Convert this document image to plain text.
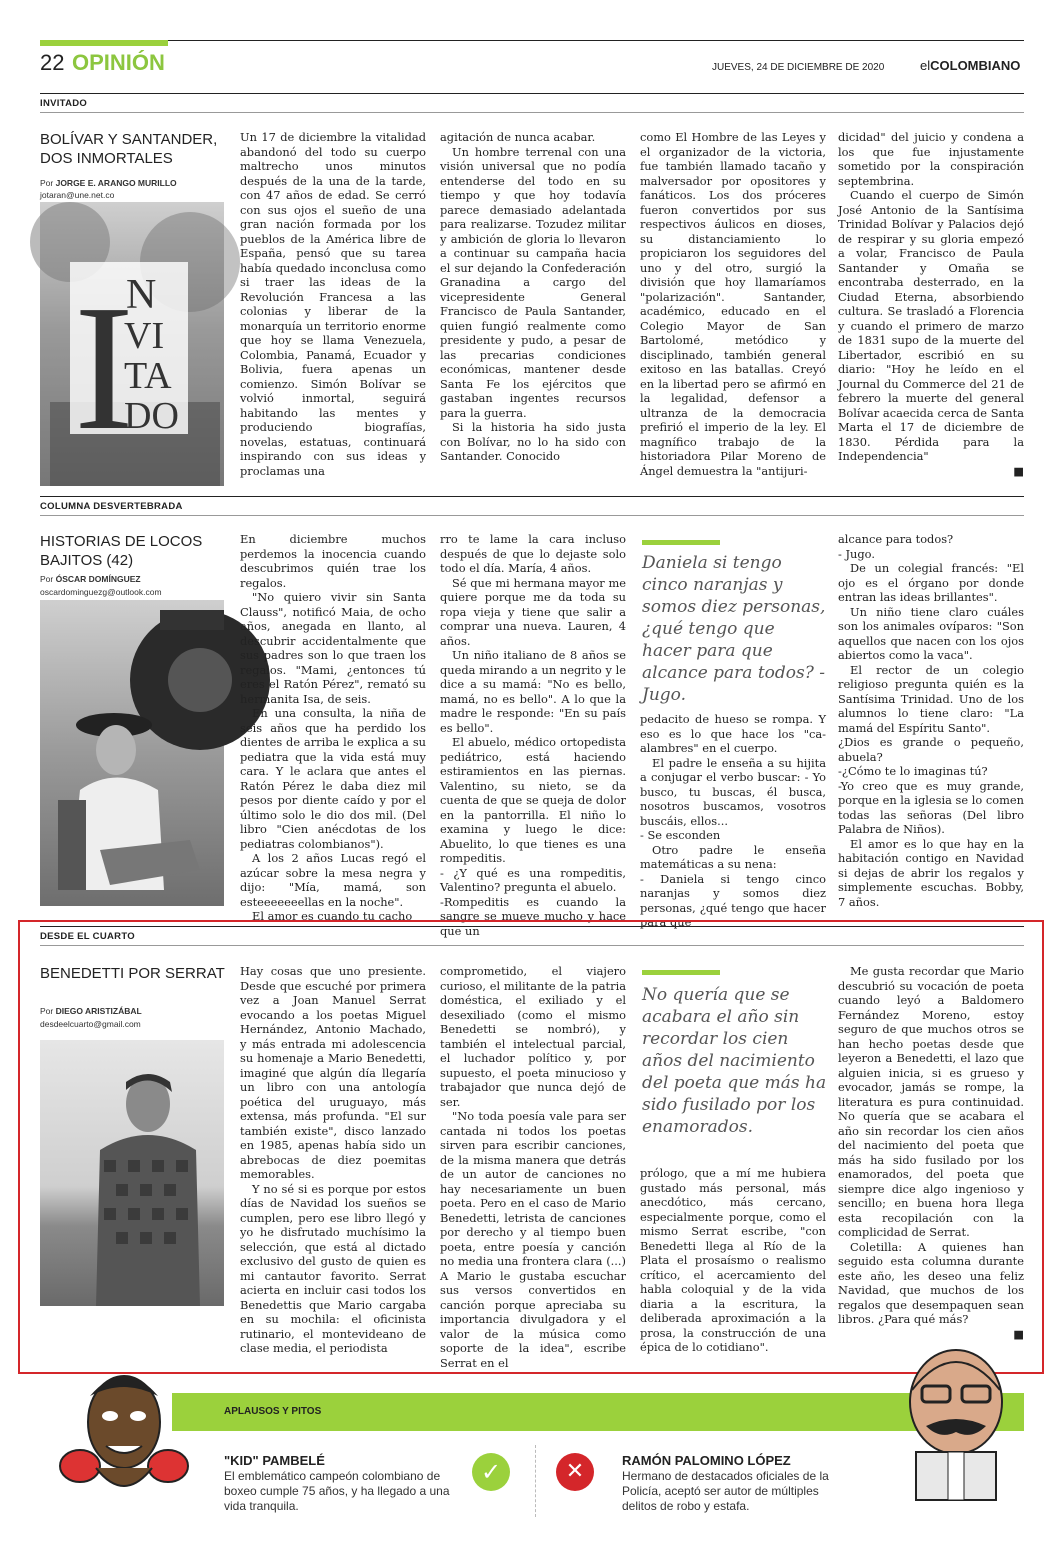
22 OPINIÓN	JUEVES, 24 DE DICIEMBRE DE 2020	elCOLOMBIANO
INVITADO
BOLÍVAR Y SANTANDER, DOS INMORTALES
Por JORGE E. ARANGO MURILLO
jotaran@une.net.co
I
N
VI
TA
DO

Un 17 de diciembre la vitalidad abandonó del todo su cuerpo maltrecho unos minutos después de la una de la tarde, con 47 años de edad. Se cerró con sus ojos el sueño de una gran nación formada por los pueblos de la América libre de España, pensó que su tarea había quedado inconclusa como si traer las ideas de la Revolución Francesa a las colonias y liberar de la monarquía un territorio enorme que hoy se llama Venezuela, Colombia, Panamá, Ecuador y Bolivia, fuera apenas un comienzo. Simón Bolívar se volvió inmortal, seguirá habitando las mentes y produciendo biografías, novelas, estatuas, continuará inspirando con sus ideas y proclamas una

agitación de nunca acabar.

Un hombre terrenal con una visión universal que no podía entenderse del todo en su tiempo y que hoy todavía parece demasiado adelantada para realizarse. Tozudez militar y ambición de gloria lo llevaron a continuar su campaña hacia el sur dejando la Confederación Granadina a cargo del vicepresidente General Francisco de Paula Santander, quien fungió realmente como presidente y pudo, a pesar de las precarias condiciones económicas, mantener desde Santa Fe los ejércitos que gastaban ingentes recursos para la guerra.

Si la historia ha sido justa con Bolívar, no lo ha sido con Santander. Conocido

como El Hombre de las Leyes y el organizador de la victoria, fue también llamado tacaño y malversador por opositores y fanáticos. Los dos próceres fueron convertidos por sus respectivos áulicos en dioses, su distanciamiento lo propiciaron los seguidores del uno y del otro, surgió la división que hoy llamaríamos "polarización". Santander, académico, educado en el Colegio Mayor de San Bartolomé, metódico y disciplinado, también general exitoso en las batallas. Creyó en la libertad pero se afirmó en la legalidad, defensor a ultranza de la democracia prefirió el imperio de la ley. El magnífico trabajo de la historiadora Pilar Moreno de Ángel demuestra la "antijuri-

dicidad" del juicio y condena a los que fue injustamente sometido por la conspiración septembrina.

Cuando el cuerpo de Simón José Antonio de la Santísima Trinidad Bolívar y Palacios dejó de respirar y su gloria empezó a volar, Francisco de Paula Santander y Omaña se encontraba desterrado, en la Ciudad Eterna, absorbiendo cultura. Se trasladó a Florencia y cuando el primero de marzo de 1831 supo de la muerte del Libertador, escribió en su diario: "Hoy he leído en el Journal du Commerce del 21 de febrero la muerte del general Bolívar acaecida cerca de Santa Marta el 17 de diciembre de 1830. Pérdida para la Independencia"

■

COLUMNA DESVERTEBRADA
HISTORIAS DE LOCOS BAJITOS (42)
Por ÓSCAR DOMÍNGUEZ
oscardominguezg@outlook.com

En diciembre muchos perdemos la inocencia cuando descubrimos quién trae los regalos.

"No quiero vivir sin Santa Clauss", notificó Maia, de ocho años, anegada en llanto, al descubrir accidentalmente que sus padres son lo que traen los regalos. "Mami, ¿entonces tú eres el Ratón Pérez", remató su hermanita Isa, de seis.

En una consulta, la niña de seis años que ha perdido los dientes de arriba le explica a su pediatra que la vida está muy cara. Y le aclara que antes el Ratón Pérez le daba diez mil pesos por diente caído y por el último solo le dio dos mil. (Del libro "Cien anécdotas de los pediatras colombianos").

A los 2 años Lucas regó el azúcar sobre la mesa negra y dijo: "Mía, mamá, son esteeeeeeellas en la noche".

El amor es cuando tu cacho

rro te lame la cara incluso después de que lo dejaste solo todo el día. María, 4 años.

Sé que mi hermana mayor me quiere porque me da toda su ropa vieja y tiene que salir a comprar una nueva. Lauren, 4 años.

Un niño italiano de 8 años se queda mirando a un negrito y le dice a su mamá: "No es bello, mamá, no es bello". A lo que la madre le responde: "En su país es bello".

El abuelo, médico ortopedista pediátrico, está haciendo estiramientos en las piernas. Valentino, su nieto, se da cuenta de que se queja de dolor en la pantorrilla. El niño lo examina y luego le dice: Abuelito, lo que tienes es una rompeditis.

- ¿Y qué es una rompeditis, Valentino? pregunta el abuelo.

-Rompeditis es cuando la sangre se mueve mucho y hace que un

Daniela si tengo cinco naranjas y somos diez personas, ¿qué tengo que hacer para que alcance para todos? - Jugo.

pedacito de hueso se rompa. Y eso es lo que hace los "ca-alambres" en el cuerpo.

El padre le enseña a su hijita a conjugar el verbo buscar: - Yo busco, tu buscas, él busca, nosotros buscamos, vosotros buscáis, ellos...

- Se esconden

Otro padre le enseña matemáticas a su nena:

- Daniela si tengo cinco naranjas y somos diez personas, ¿qué tengo que hacer para que

alcance para todos?

- Jugo.

De un colegial francés: "El ojo es el órgano por donde entran las ideas brillantes".

Un niño tiene claro cuáles son los animales ovíparos: "Son aquellos que nacen con los ojos abiertos como la vaca".

El rector de un colegio religioso pregunta quién es la Santísima Trinidad. Uno de los alumnos lo tiene claro: "La mamá del Espíritu Santo".

¿Dios es grande o pequeño, abuela?

-¿Cómo te lo imaginas tú?

-Yo creo que es muy grande, porque en la iglesia se lo comen todas las señoras (Del libro Palabra de Niños).

El amor es lo que hay en la habitación contigo en Navidad si dejas de abrir los regalos y simplemente escuchas. Bobby, 7 años.

DESDE EL CUARTO
BENEDETTI POR SERRAT
Por DIEGO ARISTIZÁBAL
desdeelcuarto@gmail.com

Hay cosas que uno presiente. Desde que escuché por primera vez a Joan Manuel Serrat evocando a los poetas Miguel Hernández, Antonio Machado, y más entrada mi adolescencia su homenaje a Mario Benedetti, imaginé que algún día llegaría un libro con una antología poética del uruguayo, más extensa, más profunda. "El sur también existe", disco lanzado en 1985, apenas había sido un abrebocas de diez poemitas memorables.

Y no sé si es porque por estos días de Navidad los sueños se cumplen, pero ese libro llegó y yo he disfrutado muchísimo la selección, que está al dictado exclusivo del gusto de quien es mi cantautor favorito. Serrat acierta en incluir casi todos los Benedettis que Mario cargaba en su mochila: el oficinista rutinario, el montevideano de clase media, el periodista

comprometido, el viajero curioso, el militante de la patria doméstica, el exiliado y el desexiliado (como el mismo Benedetti se nombró), y también el intelectual parcial, el luchador político y, por supuesto, el poeta minucioso y trabajador que nunca dejó de ser.

"No toda poesía vale para ser cantada ni todos los poetas sirven para escribir canciones, de la misma manera que detrás de un autor de canciones no hay necesariamente un buen poeta. Pero en el caso de Mario Benedetti, letrista de canciones por derecho y al tiempo buen poeta, entre poesía y canción no media una frontera clara (...) A Mario le gustaba escuchar sus versos convertidos en canción porque apreciaba su importancia divulgadora y el valor de la música como soporte de la idea", escribe Serrat en el

No quería que se acabara el año sin recordar los cien años del nacimiento del poeta que más ha sido fusilado por los enamorados.

prólogo, que a mí me hubiera gustado más personal, más anecdótico, más cercano, especialmente porque, como el mismo Serrat escribe, "con Benedetti llega al Río de la Plata el prosaísmo o realismo crítico, el acercamiento del habla coloquial y de la vida diaria a la escritura, la deliberada aproximación a la prosa, la construcción de una épica de lo cotidiano".

Me gusta recordar que Mario descubrió su vocación de poeta cuando leyó a Baldomero Fernández Moreno, estoy seguro de que muchos otros se han hecho poetas desde que leyeron a Benedetti, el lazo que alguien inicia, si es grueso y evocador, jamás se rompe, la literatura es pura continuidad. No quería que se acabara el año sin recordar los cien años del nacimiento del poeta que más ha sido fusilado por los enamorados, del poeta que siempre dice algo ingenioso y sencillo; en buena hora llega esta recopilación con la complicidad de Serrat.

Coletilla: A quienes han seguido esta columna durante este año, les deseo una feliz Navidad, que muchos de los regalos que desempaquen sean libros. ¿Para qué más?

■

APLAUSOS Y PITOS
"KID" PAMBELÉ
El emblemático campeón colombiano de boxeo cumple 75 años, y ha llegado a una vida tranquila.
✓	✕	RAMÓN PALOMINO LÓPEZ
Hermano de destacados oficiales de la Policía, aceptó ser autor de múltiples delitos de robo y estafa.
